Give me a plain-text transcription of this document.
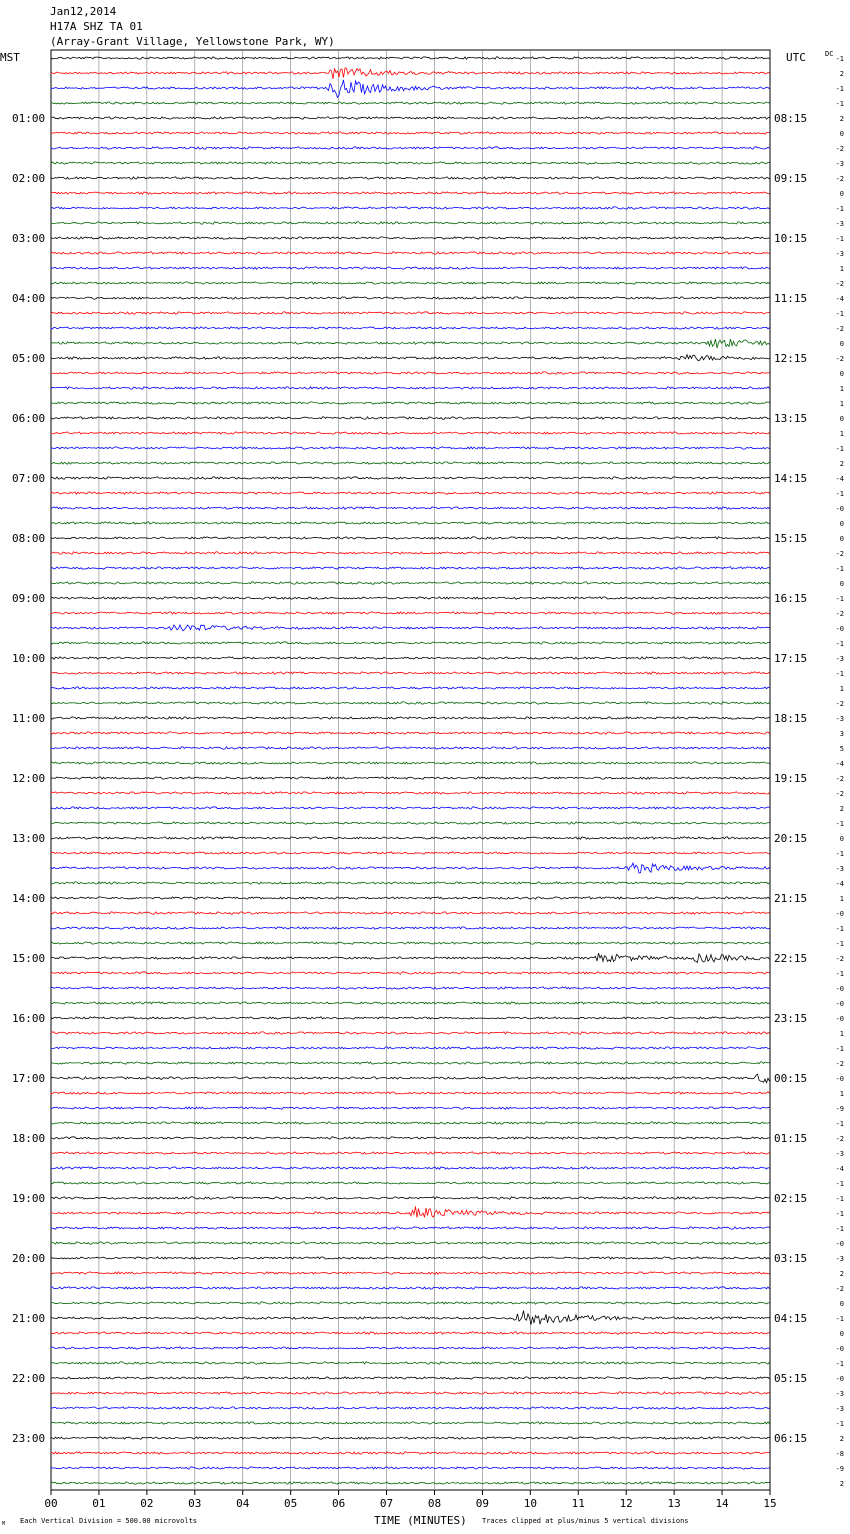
00	01	02	03	04	05	06	07	08	09	10	11	12	13	14	15
01:00
02:00
03:00
04:00
05:00
06:00
07:00
08:00
09:00
10:00
11:00
12:00
13:00
14:00
15:00
16:00
17:00
18:00
19:00
20:00
21:00
22:00
23:00
08:15
09:15
10:15
11:15
12:15
13:15
14:15
15:15
16:15
17:15
18:15
19:15
20:15
21:15
22:15
23:15
00:15
01:15
02:15
03:15
04:15
05:15
06:15
-1
2
-1
-1
2
0
-2
-3
-2
0
-1
-3
-1
-3
1
-2
-4
-1
-2
0
-2
0
1
1
0
1
-1
2
-4
-1
-0
0
0
-2
-1
0
-1
-2
-0
-1
-3
-1
1
-2
-3
3
5
-4
-2
-2
2
-1
0
-1
-3
-4
1
-0
-1
-1
-2
-1
-0
-0
-0
1
-1
-2
-0
1
-9
-1
-2
-3
-4
-1
-1
-1
-1
-0
-3
2
-2
0
-1
0
-0
-1
-0
-3
-3
-1
2
-8
-9
2
MST	UTC	DC
TIME (MINUTES)
Each Vertical Division = 500.00 microvolts	Traces clipped at plus/minus 5 vertical divisions
M
Jan12,2014
H17A SHZ TA 01
(Array-Grant Village, Yellowstone Park, WY)
